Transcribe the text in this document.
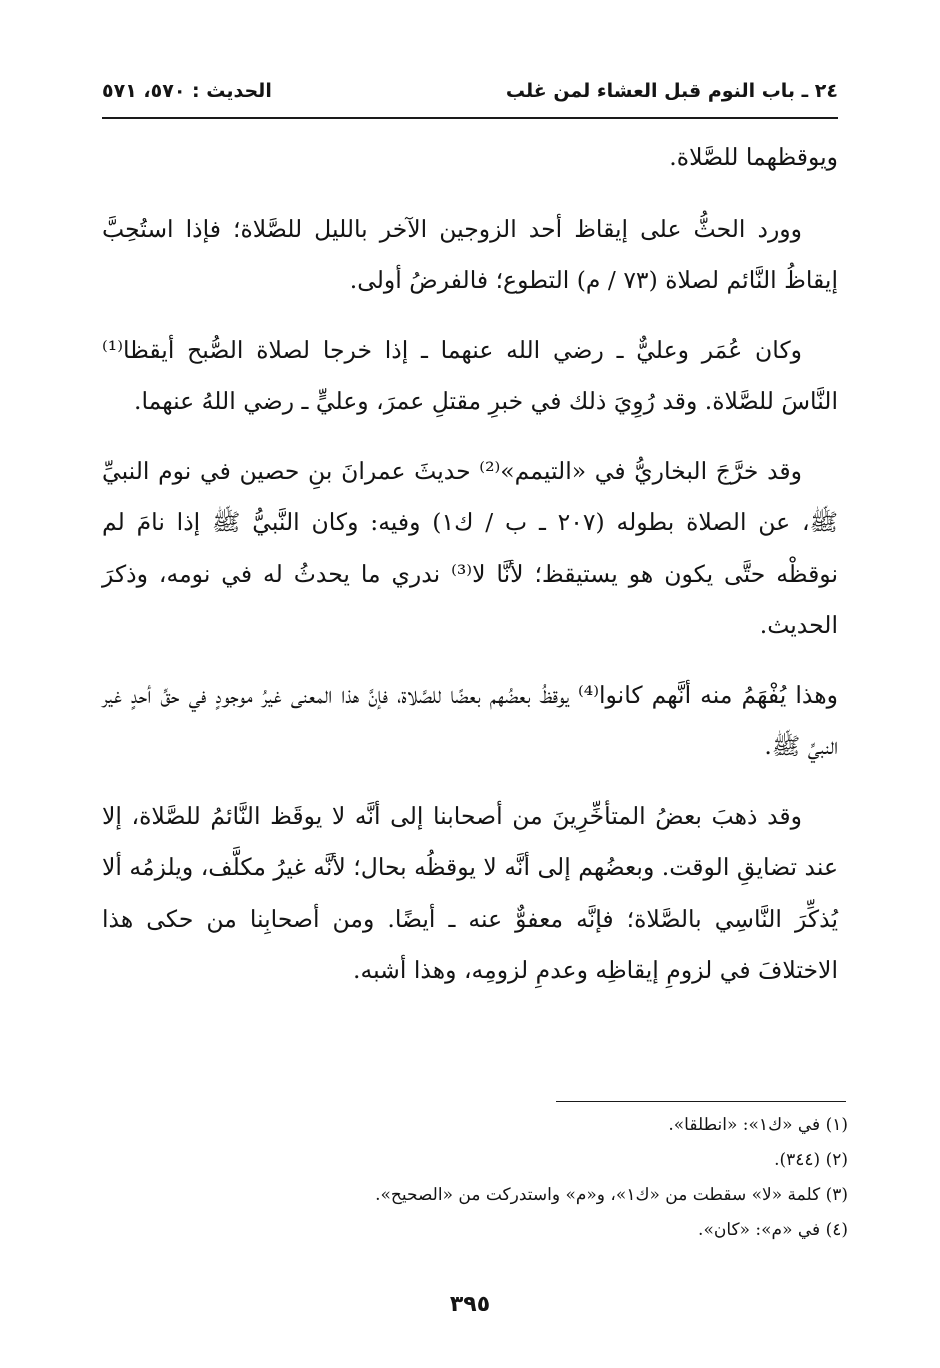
٢٤ ـ باب النوم قبل العشاء لمن غلب
الحديث : ٥٧٠، ٥٧١

ويوقظهما للصَّلاة.

وورد الحثُّ على إيقاظ أحد الزوجين الآخر بالليل للصَّلاة؛ فإذا استُحِبَّ إيقاظُ النَّائم لصلاة (٧٣ / م) التطوع؛ فالفرضُ أولى.

وكان عُمَر وعليٌّ ـ رضي الله عنهما ـ إذا خرجا لصلاة الصُّبح أيقظا⁽¹⁾ النَّاسَ للصَّلاة. وقد رُوِيَ ذلك في خبرِ مقتلِ عمرَ، وعليٍّ ـ رضي اللهُ عنهما.

وقد خرَّجَ البخاريُّ في «التيمم»⁽²⁾ حديثَ عمرانَ بنِ حصين في نوم النبيِّ ﷺ، عن الصلاة بطوله (٢٠٧ ـ ب / ك١) وفيه: وكان النَّبيُّ ﷺ إذا نامَ لم نوقظْه حتَّى يكون هو يستيقظ؛ لأنَّا لا⁽³⁾ ندري ما يحدثُ له في نومه، وذكرَ الحديث.

وهذا يُفْهَمُ منه أنَّهم كانوا⁽⁴⁾ يوقظُ بعضُهم بعضًا للصَّلاة، فإنَّ هذا المعنى غيرُ موجودٍ في حقِّ أحدٍ غير النبيِّ ﷺ.

وقد ذهبَ بعضُ المتأخِّرِينَ من أصحابنا إلى أنَّه لا يوقَظ النَّائمُ للصَّلاة، إلا عند تضايقِ الوقت. وبعضُهم إلى أنَّه لا يوقظُه بحال؛ لأنَّه غيرُ مكلَّف، ويلزمُه ألا يُذكِّرَ النَّاسِي بالصَّلاة؛ فإنَّه معفوٌّ عنه ـ أيضًا. ومن أصحابِنا من حكى هذا الاختلافَ في لزومِ إيقاظِه وعدمِ لزومِه، وهذا أشبه.

(١) في «ك١»: «انطلقا».

(٢) (٣٤٤).

(٣) كلمة «لا» سقطت من «ك١»، و«م» واستدركت من «الصحيح».

(٤) في «م»: «كان».

٣٩٥
